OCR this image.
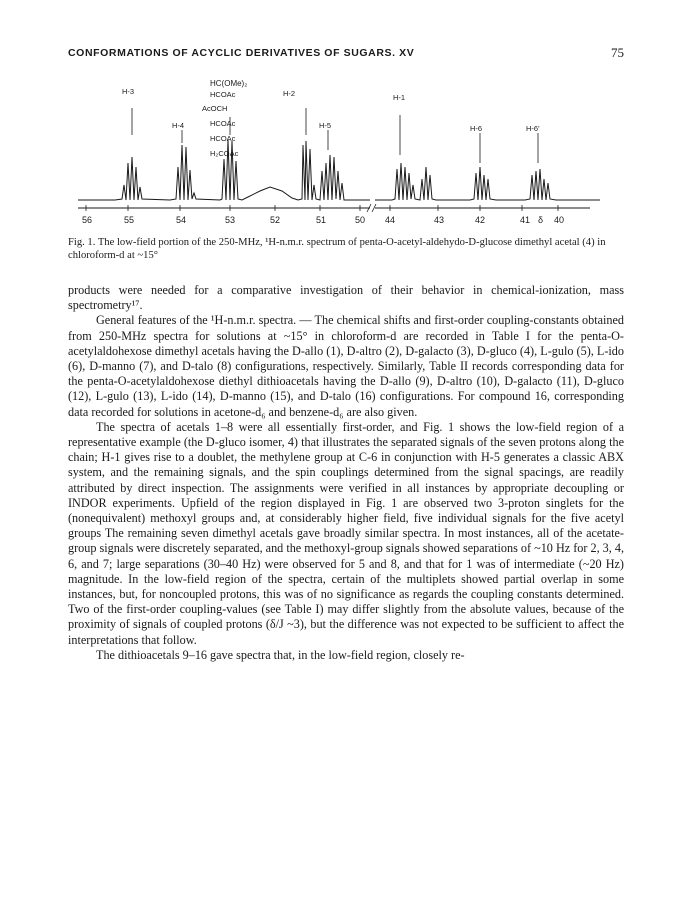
CONFORMATIONS OF ACYCLIC DERIVATIVES OF SUGARS. XV	75
H-3	H-2	H-1
H-4	H-5	H-6	H-6'
HC(OMe)₂
HCOAc
AcOCH
HCOAc
HCOAc
H₂COAc
56	55	54	53	52	51	50 44	43	42	41 δ 40
Fig. 1. The low-field portion of the 250-MHz, ¹H-n.m.r. spectrum of penta-O-acetyl-aldehydo-D-glucose dimethyl acetal (4) in chloroform-d at ~15°

products were needed for a comparative investigation of their behavior in chemical-ionization, mass spectrometry¹⁷.

General features of the ¹H-n.m.r. spectra. — The chemical shifts and first-order coupling-constants obtained from 250-MHz spectra for solutions at ~15° in chloroform-d are recorded in Table I for the penta-O-acetylaldohexose dimethyl acetals having the D-allo (1), D-altro (2), D-galacto (3), D-gluco (4), L-gulo (5), L-ido (6), D-manno (7), and D-talo (8) configurations, respectively. Similarly, Table II records corresponding data for the penta-O-acetylaldohexose diethyl dithioacetals having the D-allo (9), D-altro (10), D-galacto (11), D-gluco (12), L-gulo (13), L-ido (14), D-manno (15), and D-talo (16) configurations. For compound 16, corresponding data recorded for solutions in acetone-d₆ and benzene-d₆ are also given.

The spectra of acetals 1–8 were all essentially first-order, and Fig. 1 shows the low-field region of a representative example (the D-gluco isomer, 4) that illustrates the separated signals of the seven protons along the chain; H-1 gives rise to a doublet, the methylene group at C-6 in conjunction with H-5 generates a classic ABX system, and the remaining signals, and the spin couplings determined from the signal spacings, are readily attributed by direct inspection. The assignments were verified in all instances by appropriate decoupling or INDOR experiments. Upfield of the region displayed in Fig. 1 are observed two 3-proton singlets for the (nonequivalent) methoxyl groups and, at considerably higher field, five individual signals for the five acetyl groups The remaining seven dimethyl acetals gave broadly similar spectra. In most instances, all of the acetate-group signals were discretely separated, and the methoxyl-group signals showed separations of ~10 Hz for 2, 3, 4, 6, and 7; large separations (30–40 Hz) were observed for 5 and 8, and that for 1 was of intermediate (~20 Hz) magnitude. In the low-field region of the spectra, certain of the multiplets showed partial overlap in some instances, but, for noncoupled protons, this was of no significance as regards the coupling constants determined. Two of the first-order coupling-values (see Table I) may differ slightly from the absolute values, because of the proximity of signals of coupled protons (δ/J ~3), but the difference was not expected to be sufficient to affect the interpretations that follow.

The dithioacetals 9–16 gave spectra that, in the low-field region, closely re-
